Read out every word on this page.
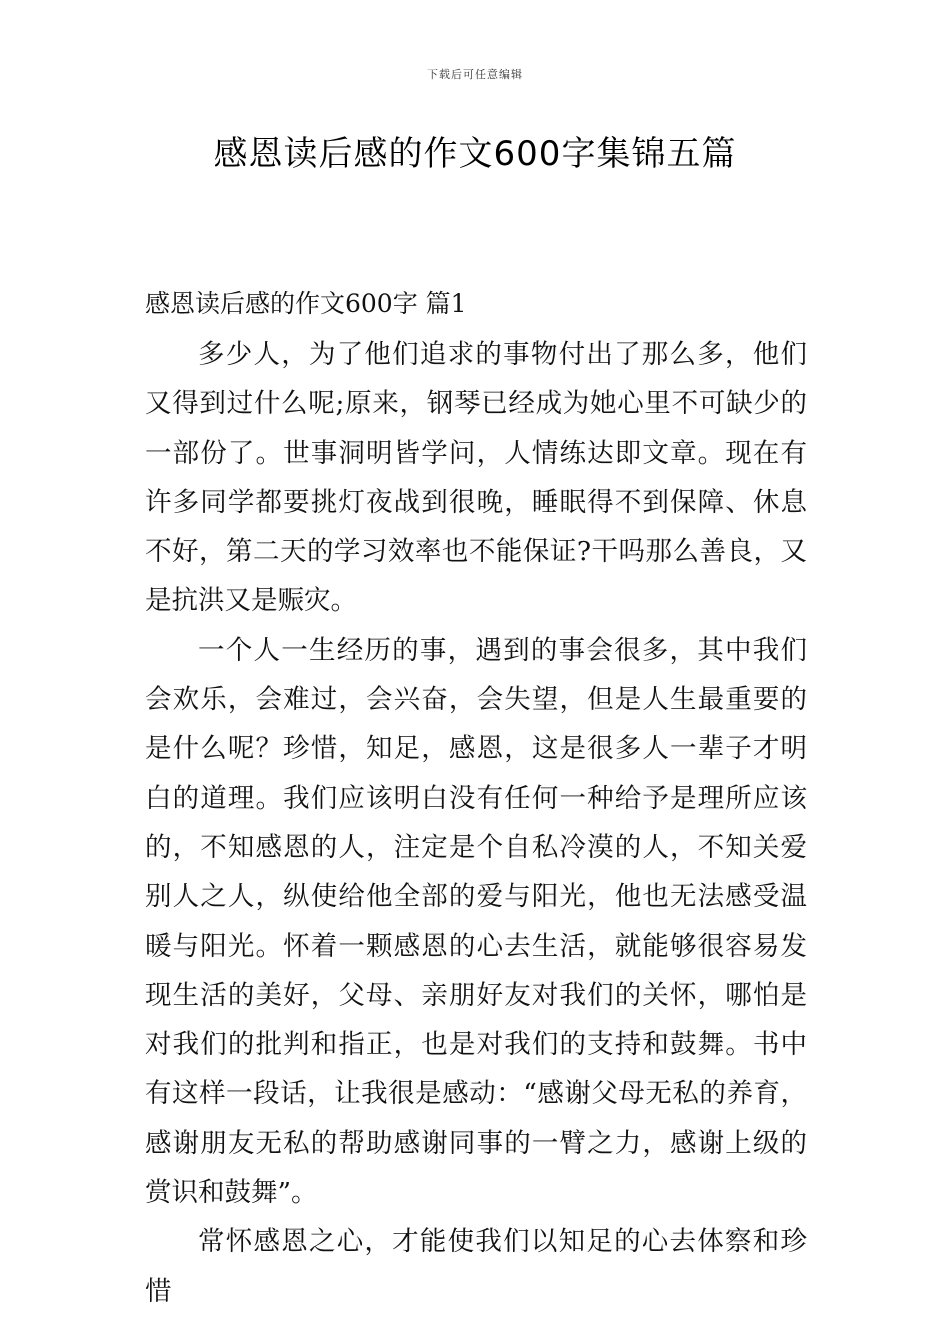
下载后可任意编辑
感恩读后感的作文600字集锦五篇
感恩读后感的作文600字 篇1

多少人，为了他们追求的事物付出了那么多，他们又得到过什么呢;原来，钢琴已经成为她心里不可缺少的一部份了。世事洞明皆学问，人情练达即文章。现在有许多同学都要挑灯夜战到很晚，睡眠得不到保障、休息不好，第二天的学习效率也不能保证?干吗那么善良，又是抗洪又是赈灾。

一个人一生经历的事，遇到的事会很多，其中我们会欢乐，会难过，会兴奋，会失望，但是人生最重要的是什么呢？珍惜，知足，感恩，这是很多人一辈子才明白的道理。我们应该明白没有任何一种给予是理所应该的，不知感恩的人，注定是个自私冷漠的人，不知关爱别人之人，纵使给他全部的爱与阳光，他也无法感受温暖与阳光。怀着一颗感恩的心去生活，就能够很容易发现生活的美好，父母、亲朋好友对我们的关怀，哪怕是对我们的批判和指正，也是对我们的支持和鼓舞。书中有这样一段话，让我很是感动：“感谢父母无私的养育，感谢朋友无私的帮助感谢同事的一臂之力，感谢上级的赏识和鼓舞”。

常怀感恩之心，才能使我们以知足的心去体察和珍惜
